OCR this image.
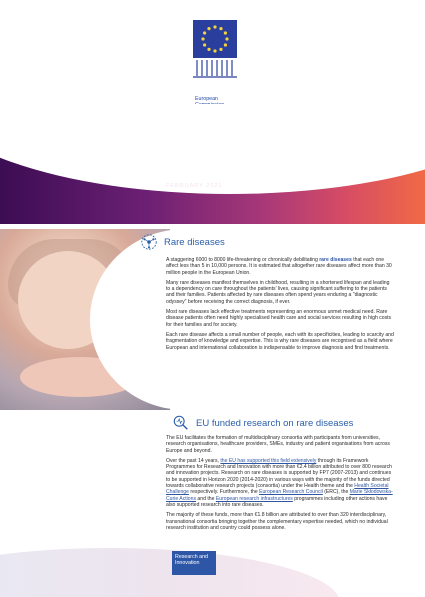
European
COLLABORATION:
A KEY TO UNLOCK
THE CHALLENGES OF
RARE DISEASES RESEARCH
FEBRUARY 2021
Rare diseases

A staggering 6000 to 8000 life-threatening or chronically debilitating rare diseases that each one affect less than 5 in 10,000 persons. It is estimated that altogether rare diseases affect more than 30 million people in the European Union.

Many rare diseases manifest themselves in childhood, resulting in a shortened lifespan and leading to a dependency on care throughout the patients' lives, causing significant suffering to the patients and their families. Patients affected by rare diseases often spend years enduring a "diagnostic odyssey" before receiving the correct diagnosis, if ever.

Most rare diseases lack effective treatments representing an enormous unmet medical need. Rare disease patients often need highly specialised health care and social services resulting in high costs for their families and for society.

Each rare disease affects a small number of people, each with its specificities, leading to scarcity and fragmentation of knowledge and expertise. This is why rare diseases are recognised as a field where European and international collaboration is indispensable to improve diagnosis and find treatments.

EU funded research on rare diseases

The EU facilitates the formation of multidisciplinary consortia with participants from universities, research organisations, healthcare providers, SMEs, industry and patient organisations from across Europe and beyond.

Over the past 14 years, the EU has supported this field extensively through its Framework Programmes for Research and Innovation with more than €2.4 billion attributed to over 800 research and innovation projects. Research on rare diseases is supported by FP7 (2007-2013) and continues to be supported in Horizon 2020 (2014-2020) in various ways with the majority of the funds directed towards collaborative research projects (consortia) under the Health theme and the Health Societal Challenge respectively. Furthermore, the European Research Council (ERC), the Marie Skłodowska-Curie Actions and the European research infrastructures programmes including other actions have also supported research into rare diseases.

The majority of these funds, more than €1.8 billion are attributed to over than 320 interdisciplinary, transnational consortia bringing together the complementary expertise needed, which no individual research institution and country could possess alone.

Research and
Innovation
